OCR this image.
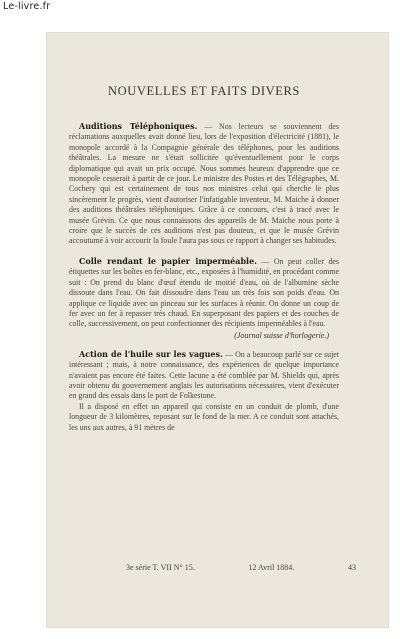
Le-livre.fr
NOUVELLES ET FAITS DIVERS

Auditions Téléphoniques. — Nos lecteurs se souviennent des réclamations auxquelles avait donné lieu, lors de l'exposition d'électricité (1881), le monopole accordé à la Compagnie générale des téléphones, pour les auditions théâtrales. La mesure ne s'était sollicitée qu'éventuellement pour le corps diplomatique qui avait un prix occupé. Nous sommes heureux d'apprendre que ce monopole cesserait à partir de ce jour. Le ministre des Postes et des Télégraphes, M. Cochery qui est certainement de tous nos ministres celui qui cherche le plus sincèrement le progrès, vient d'autoriser l'infatigable inventeur, M. Maiche à donner des auditions théâtrales téléphoniques. Grâce à ce concours, c'est à tracé avec le musée Grévin. Ce que nous connaissons des appareils de M. Maiche nous porte à croire que le succès de ces auditions n'est pas douteux, et que le musée Grévin accoutumé à voir accourir la foule l'aura pas sous ce rapport à changer ses habitudes.

Colle rendant le papier imperméable. — On peut coller des étiquettes sur les boîtes en fer-blanc, etc., exposées à l'humidité, en procédant comme suit : On prend du blanc d'œuf étendu de moitié d'eau, où de l'albumine sèche dissoute dans l'eau. On fait dissoudre dans l'eau un très fois son poids d'eau. On applique ce liquide avec un pinceau sur les surfaces à réunir. On donne un coup de fer avec un fer à repasser très chaud. En superposant des papiers et des couches de colle, successivement, on peut confectionner des récipients imperméables à l'eau.

(Journal suisse d'horlogerie.)

Action de l'huile sur les vagues. — On a beaucoup parlé sur ce sujet intéressant ; mais, à notre connaissance, des expériences de quelque importance n'avaient pas encore été faites. Cette lacune a été comblée par M. Shields qui, après avoir obtenu du gouvernement anglais les autorisations nécessaires, vient d'exécuter en grand des essais dans le port de Folkestone.

Il a disposé en effet un appareil qui consiste en un conduit de plomb, d'une longueur de 3 kilomètres, reposant sur le fond de la mer. A ce conduit sont attachés, les uns aux autres, à 91 mètres de

3e série T. VII N° 15.	12 Avril 1884.	43
